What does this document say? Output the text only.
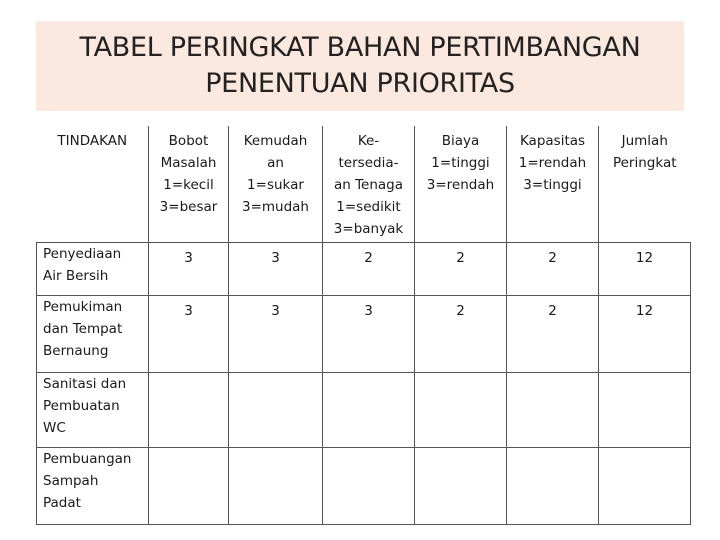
TABEL PERINGKAT BAHAN PERTIMBANGAN
PENENTUAN PRIORITAS
TINDAKAN	Bobot
Masalah
1=kecil
3=besar	Kemudah
an
1=sukar
3=mudah	Ke-
tersedia-
an Tenaga
1=sedikit
3=banyak	Biaya
1=tinggi
3=rendah	Kapasitas
1=rendah
3=tinggi	Jumlah
Peringkat

Penyediaan
Air Bersih	3	3	2	2	2	12

Pemukiman
dan Tempat
Bernaung	3	3	3	2	2	12

Sanitasi dan
Pembuatan
WC						

Pembuangan
Sampah
Padat						
